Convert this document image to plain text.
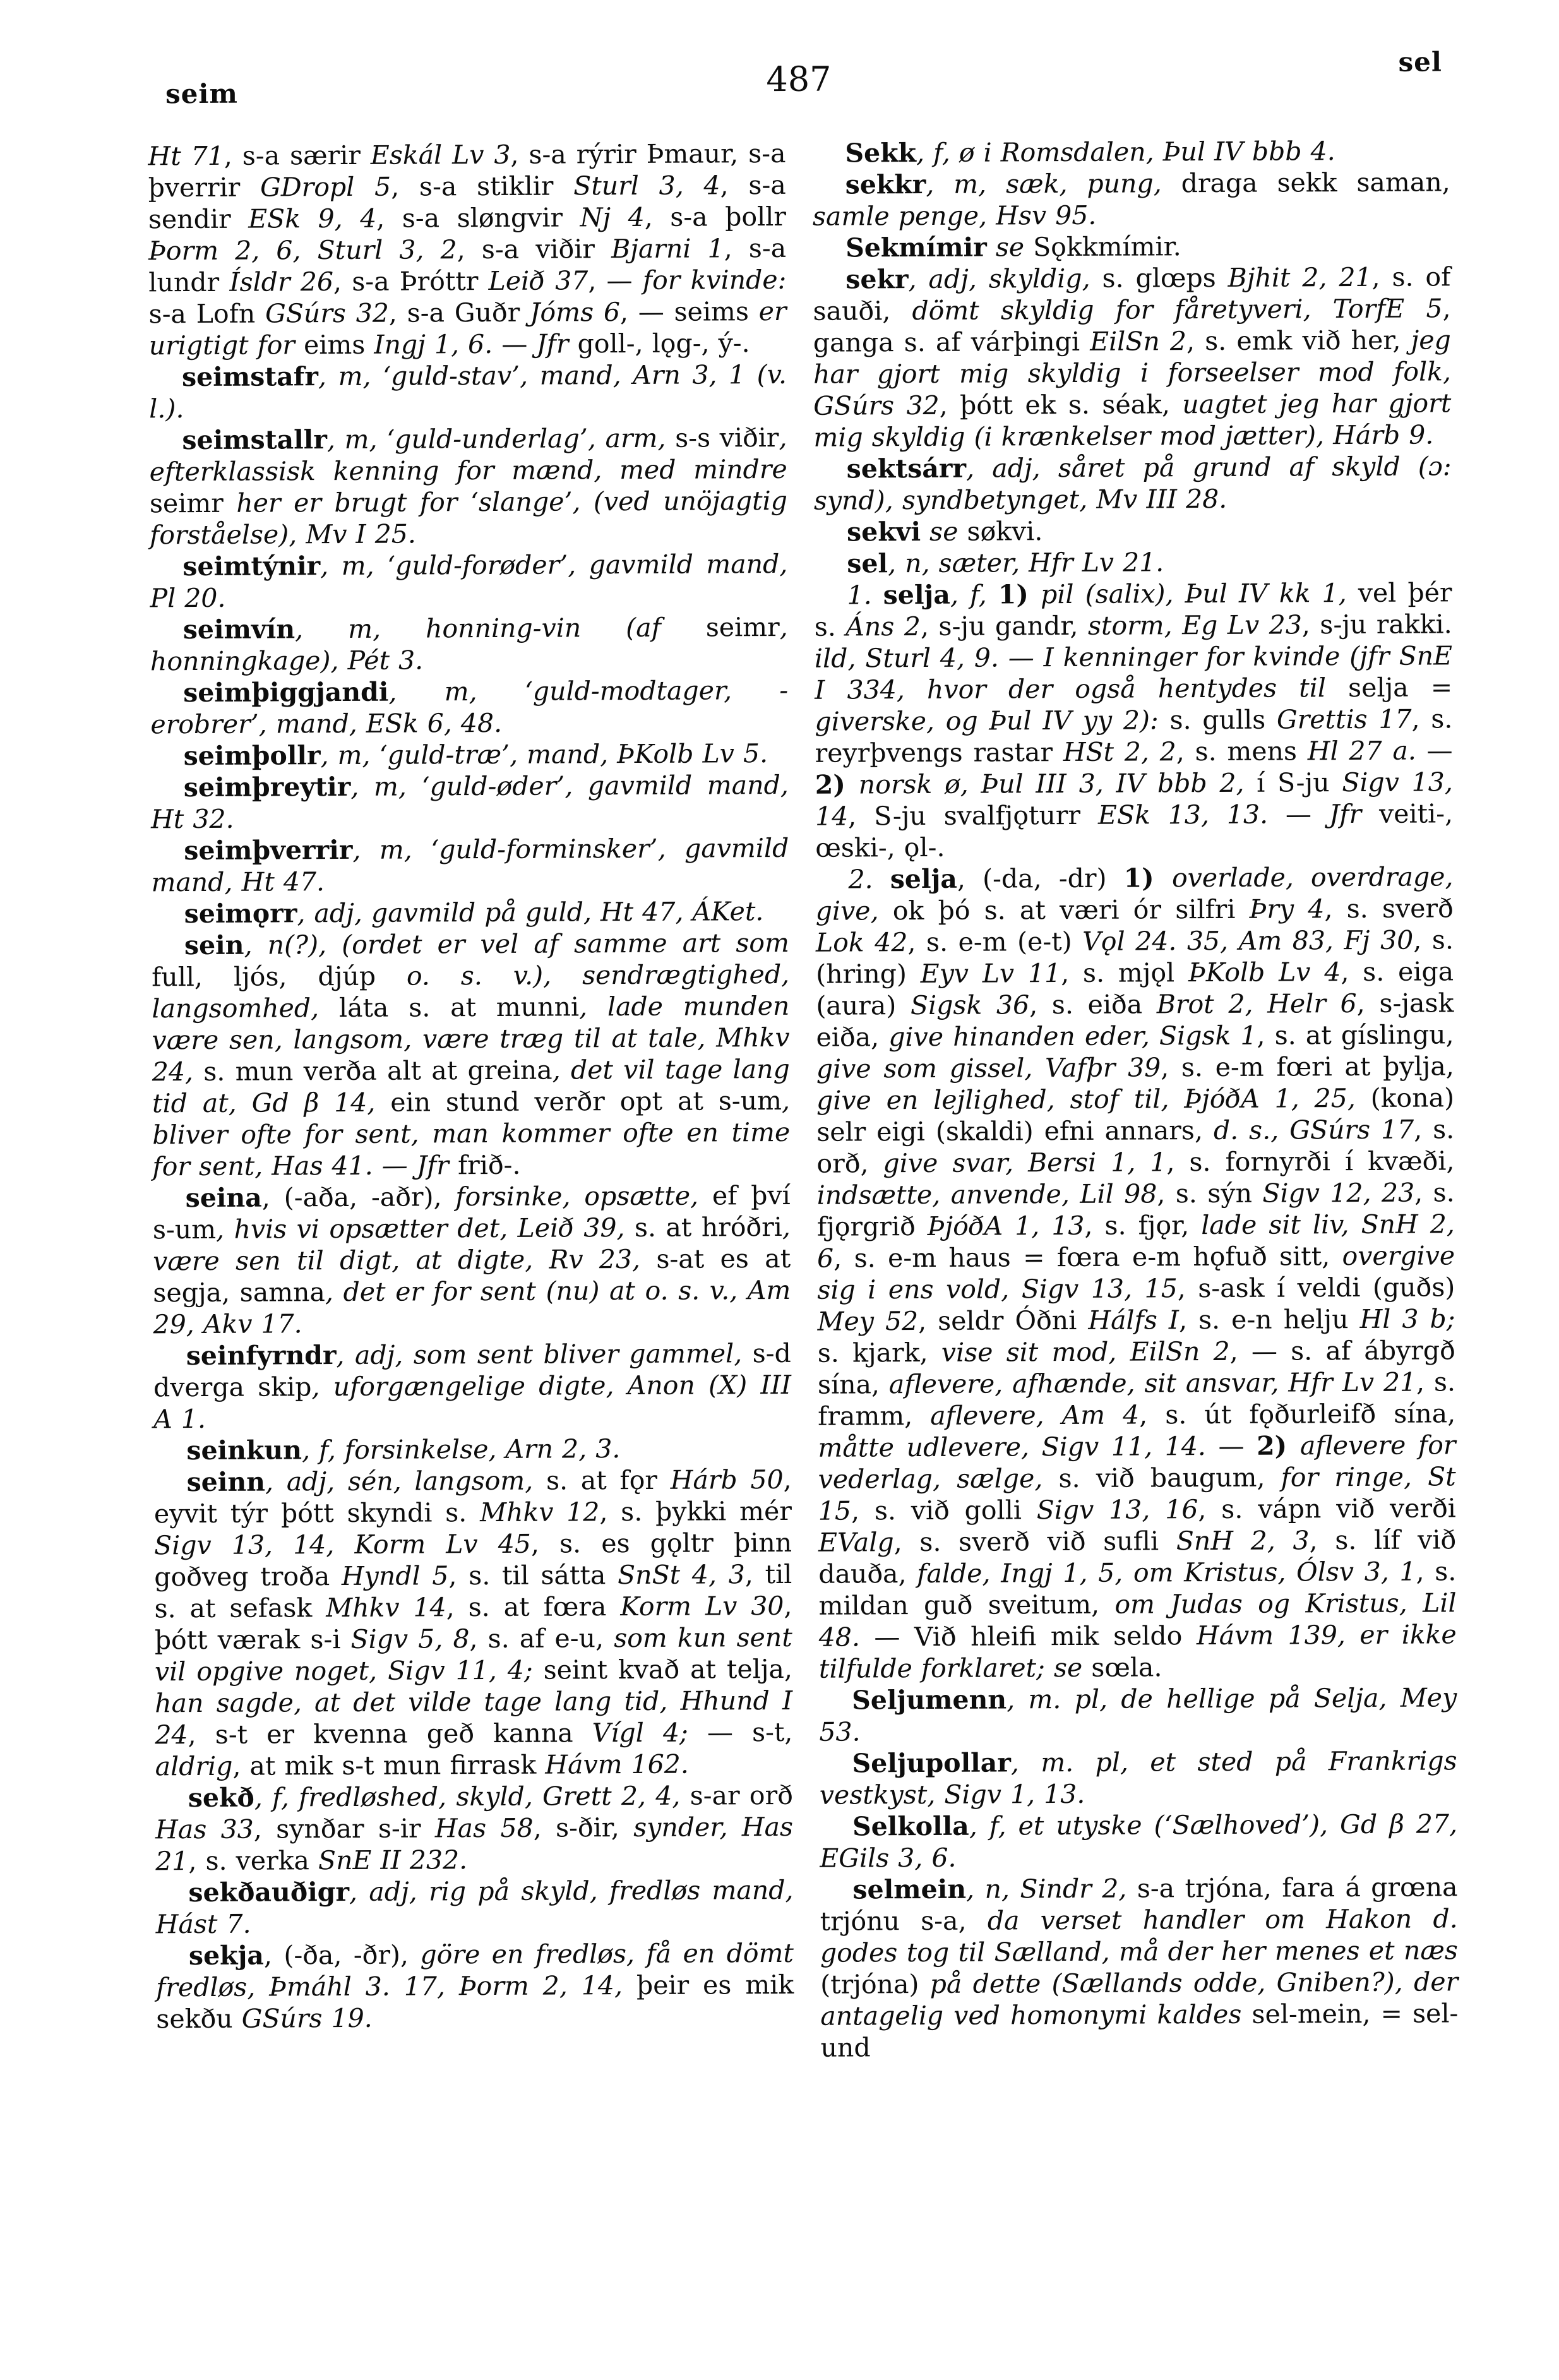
seim	487	sel

Ht 71, s-a særir Eskál Lv 3, s-a rýrir Þmaur, s-a þverrir GDropl 5, s-a stiklir Sturl 3, 4, s-a sendir ESk 9, 4, s-a sløngvir Nj 4, s-a þollr Þorm 2, 6, Sturl 3, 2, s-a viðir Bjarni 1, s-a lundr Ísldr 26, s-a Þróttr Leið 37, — for kvinde: s-a Lofn GSúrs 32, s-a Guðr Jóms 6, — seims er urigtigt for eims Ingj 1, 6. — Jfr goll-, lǫg-, ý-.

seimstafr, m, ‘guld-stav’, mand, Arn 3, 1 (v. l.).

seimstallr, m, ‘guld-underlag’, arm, s-s viðir, efterklassisk kenning for mænd, med mindre seimr her er brugt for ‘slange’, (ved unöjagtig forståelse), Mv I 25.

seimtýnir, m, ‘guld-forøder’, gavmild mand, Pl 20.

seimvín, m, honning-vin (af seimr, honningkage), Pét 3.

seimþiggjandi, m, ‘guld-modtager, -erobrer’, mand, ESk 6, 48.

seimþollr, m, ‘guld-træ’, mand, ÞKolb Lv 5.

seimþreytir, m, ‘guld-øder’, gavmild mand, Ht 32.

seimþverrir, m, ‘guld-forminsker’, gavmild mand, Ht 47.

seimǫrr, adj, gavmild på guld, Ht 47, ÁKet.

sein, n(?), (ordet er vel af samme art som full, ljós, djúp o. s. v.), sendrægtighed, langsomhed, láta s. at munni, lade munden være sen, langsom, være træg til at tale, Mhkv 24, s. mun verða alt at greina, det vil tage lang tid at, Gd β 14, ein stund verðr opt at s-um, bliver ofte for sent, man kommer ofte en time for sent, Has 41. — Jfr frið-.

seina, (-aða, -aðr), forsinke, opsætte, ef því s-um, hvis vi opsætter det, Leið 39, s. at hróðri, være sen til digt, at digte, Rv 23, s-at es at segja, samna, det er for sent (nu) at o. s. v., Am 29, Akv 17.

seinfyrndr, adj, som sent bliver gammel, s-d dverga skip, uforgængelige digte, Anon (X) III A 1.

seinkun, f, forsinkelse, Arn 2, 3.

seinn, adj, sén, langsom, s. at fǫr Hárb 50, eyvit týr þótt skyndi s. Mhkv 12, s. þykki mér Sigv 13, 14, Korm Lv 45, s. es gǫltr þinn goðveg troða Hyndl 5, s. til sátta SnSt 4, 3, til s. at sefask Mhkv 14, s. at fœra Korm Lv 30, þótt værak s-i Sigv 5, 8, s. af e-u, som kun sent vil opgive noget, Sigv 11, 4; seint kvað at telja, han sagde, at det vilde tage lang tid, Hhund I 24, s-t er kvenna geð kanna Vígl 4; — s-t, aldrig, at mik s-t mun firrask Hávm 162.

sekð, f, fredløshed, skyld, Grett 2, 4, s-ar orð Has 33, synðar s-ir Has 58, s-ðir, synder, Has 21, s. verka SnE II 232.

sekðauðigr, adj, rig på skyld, fredløs mand, Hást 7.

sekja, (-ða, -ðr), göre en fredløs, få en dömt fredløs, Þmáhl 3. 17, Þorm 2, 14, þeir es mik sekðu GSúrs 19.

Sekk, f, ø i Romsdalen, Þul IV bbb 4.

sekkr, m, sæk, pung, draga sekk saman, samle penge, Hsv 95.

Sekmímir se Sǫkkmímir.

sekr, adj, skyldig, s. glœps Bjhit 2, 21, s. of sauði, dömt skyldig for fåretyveri, TorfE 5, ganga s. af várþingi EilSn 2, s. emk við her, jeg har gjort mig skyldig i forseelser mod folk, GSúrs 32, þótt ek s. séak, uagtet jeg har gjort mig skyldig (i krænkelser mod jætter), Hárb 9.

sektsárr, adj, såret på grund af skyld (ɔ: synd), syndbetynget, Mv III 28.

sekvi se søkvi.

sel, n, sæter, Hfr Lv 21.

1. selja, f, 1) pil (salix), Þul IV kk 1, vel þér s. Áns 2, s-ju gandr, storm, Eg Lv 23, s-ju rakki. ild, Sturl 4, 9. — I kenninger for kvinde (jfr SnE I 334, hvor der også hentydes til selja = giverske, og Þul IV yy 2): s. gulls Grettis 17, s. reyrþvengs rastar HSt 2, 2, s. mens Hl 27 a. — 2) norsk ø, Þul III 3, IV bbb 2, í S-ju Sigv 13, 14, S-ju svalfjǫturr ESk 13, 13. — Jfr veiti-, œski-, ǫl-.

2. selja, (-da, -dr) 1) overlade, overdrage, give, ok þó s. at væri ór silfri Þry 4, s. sverð Lok 42, s. e-m (e-t) Vǫl 24. 35, Am 83, Fj 30, s. (hring) Eyv Lv 11, s. mjǫl ÞKolb Lv 4, s. eiga (aura) Sigsk 36, s. eiða Brot 2, Helr 6, s-jask eiða, give hinanden eder, Sigsk 1, s. at gíslingu, give som gissel, Vafþr 39, s. e-m fœri at þylja, give en lejlighed, stof til, ÞjóðA 1, 25, (kona) selr eigi (skaldi) efni annars, d. s., GSúrs 17, s. orð, give svar, Bersi 1, 1, s. fornyrði í kvæði, indsætte, anvende, Lil 98, s. sýn Sigv 12, 23, s. fjǫrgrið ÞjóðA 1, 13, s. fjǫr, lade sit liv, SnH 2, 6, s. e-m haus = fœra e-m hǫfuð sitt, overgive sig i ens vold, Sigv 13, 15, s-ask í veldi (guðs) Mey 52, seldr Óðni Hálfs I, s. e-n helju Hl 3 b; s. kjark, vise sit mod, EilSn 2, — s. af ábyrgð sína, aflevere, afhænde, sit ansvar, Hfr Lv 21, s. framm, aflevere, Am 4, s. út fǫðurleifð sína, måtte udlevere, Sigv 11, 14. — 2) aflevere for vederlag, sælge, s. við baugum, for ringe, St 15, s. við golli Sigv 13, 16, s. vápn við verði EValg, s. sverð við sufli SnH 2, 3, s. líf við dauða, falde, Ingj 1, 5, om Kristus, Ólsv 3, 1, s. mildan guð sveitum, om Judas og Kristus, Lil 48. — Við hleifi mik seldo Hávm 139, er ikke tilfulde forklaret; se sœla.

Seljumenn, m. pl, de hellige på Selja, Mey 53.

Seljupollar, m. pl, et sted på Frankrigs vestkyst, Sigv 1, 13.

Selkolla, f, et utyske (‘Sælhoved’), Gd β 27, EGils 3, 6.

selmein, n, Sindr 2, s-a trjóna, fara á grœna trjónu s-a, da verset handler om Hakon d. godes tog til Sælland, må der her menes et næs (trjóna) på dette (Sællands odde, Gniben?), der antagelig ved homonymi kaldes sel-mein, = sel-und
